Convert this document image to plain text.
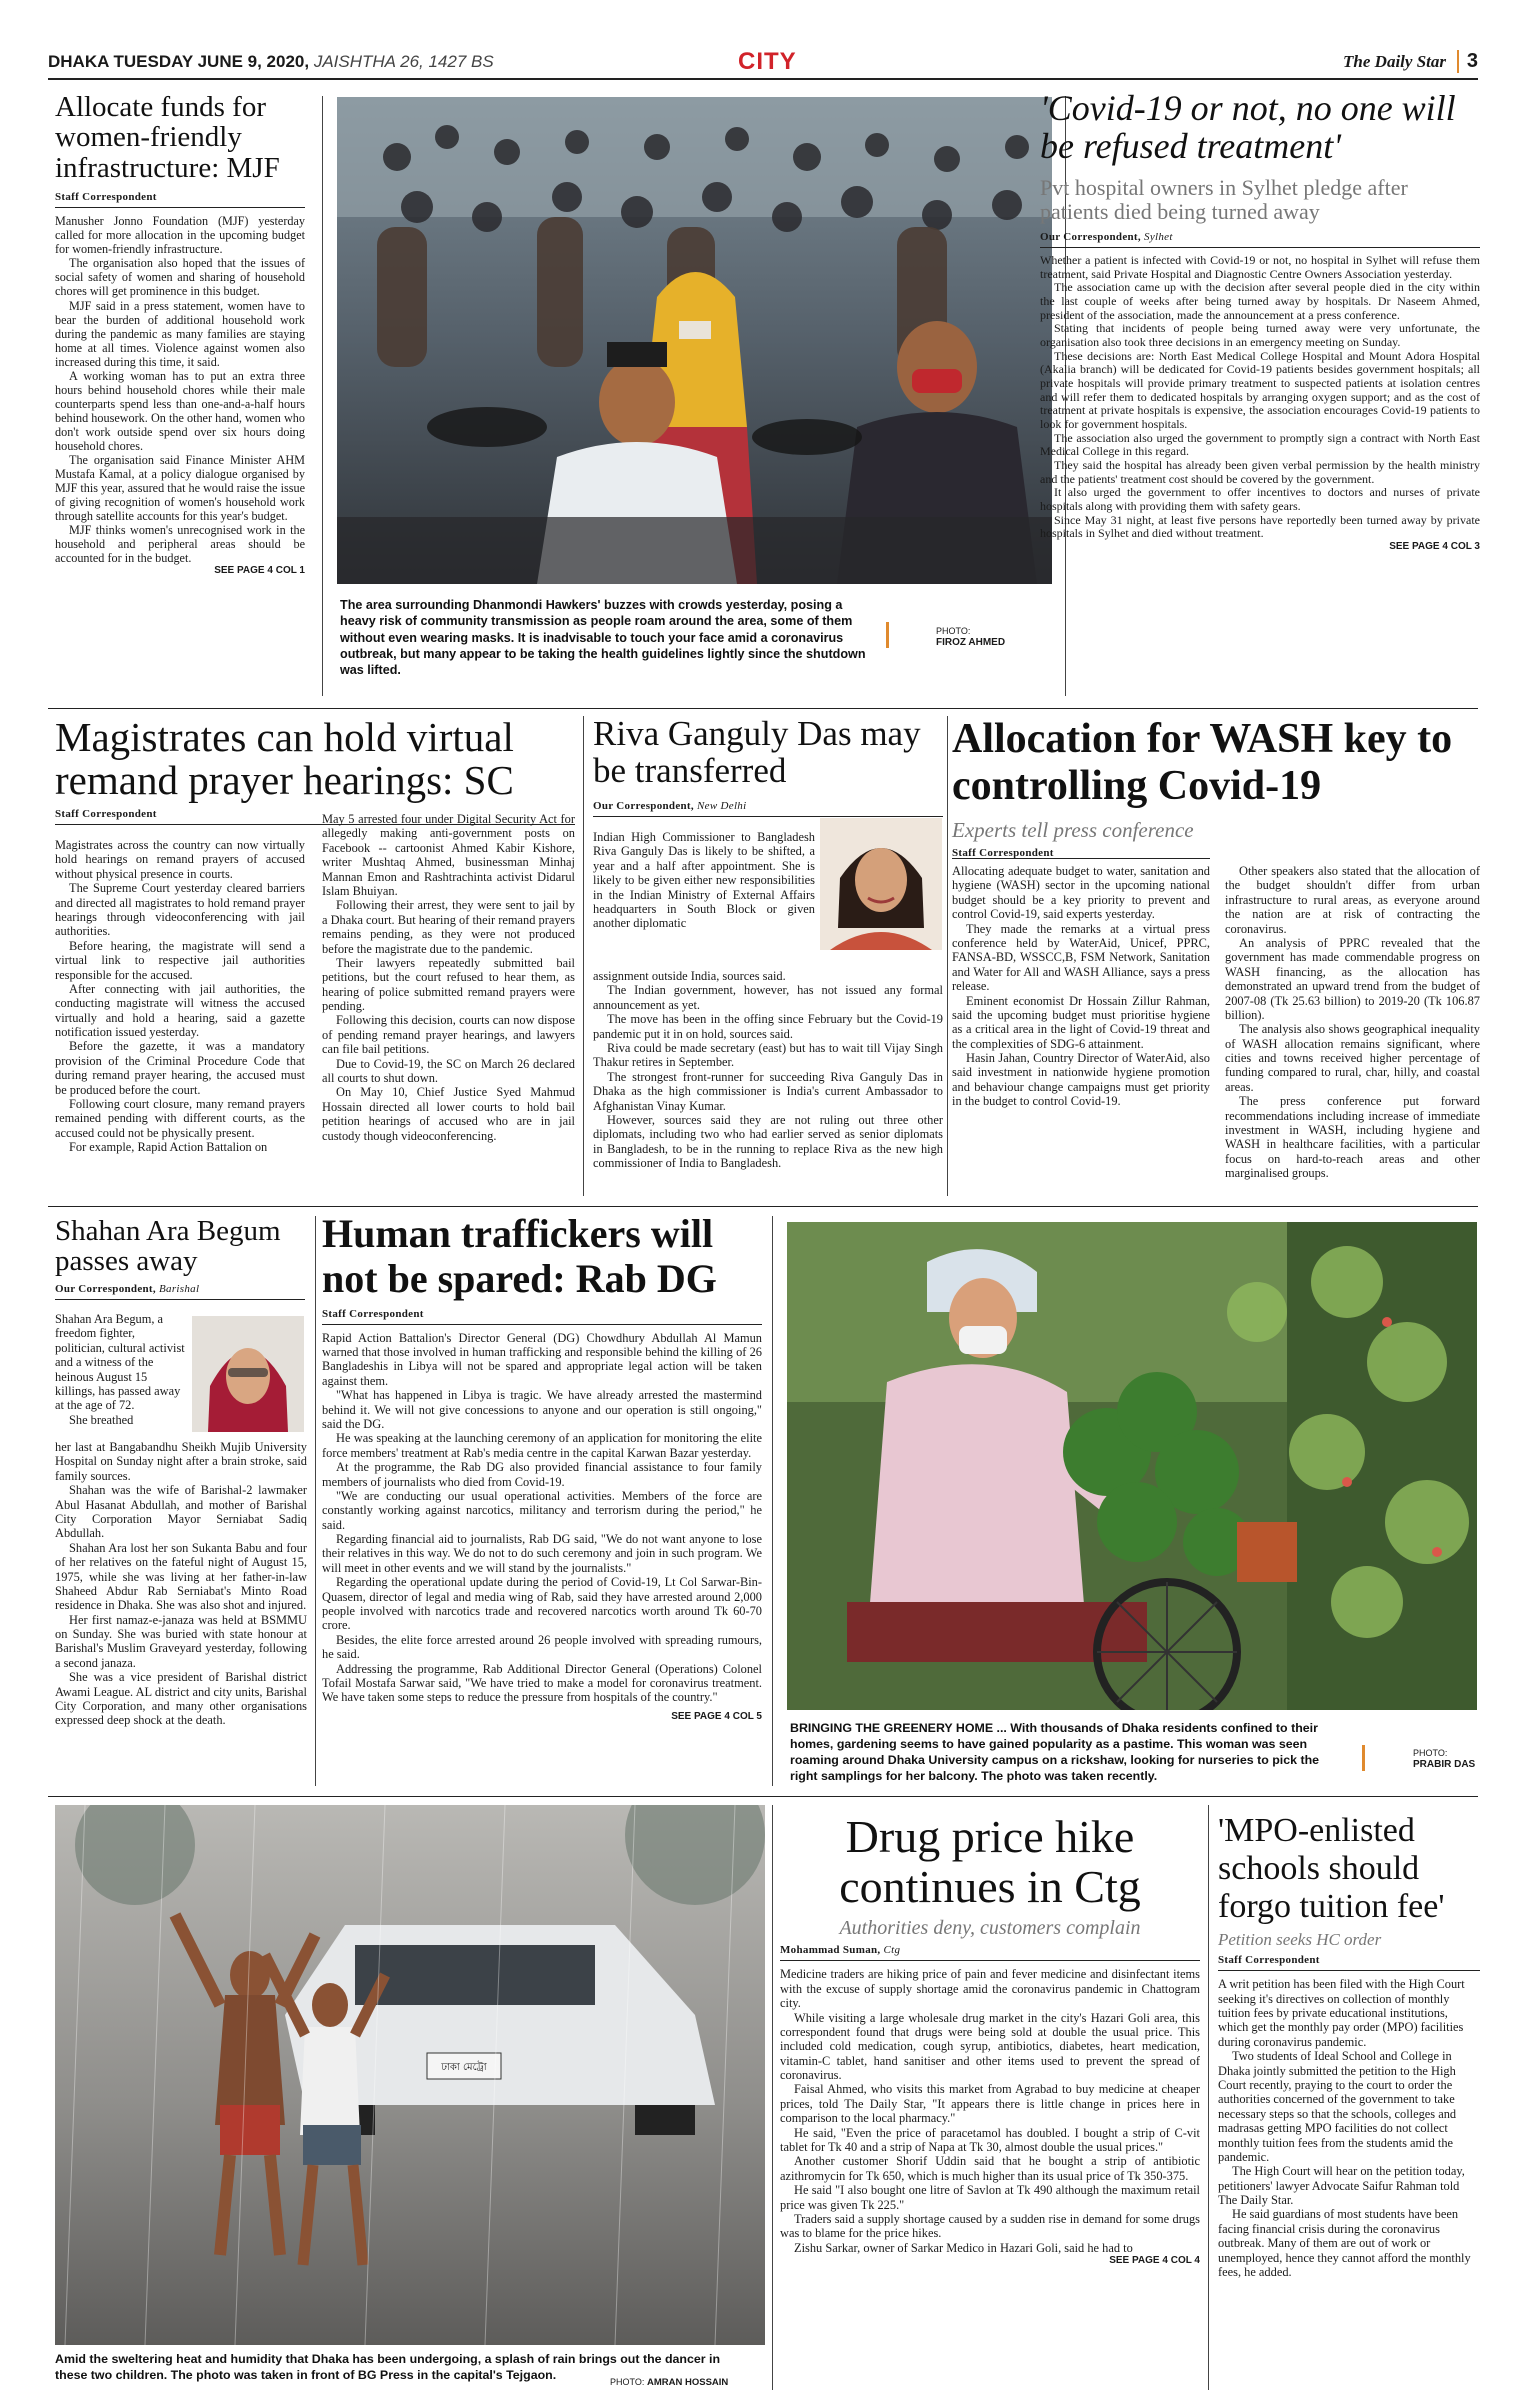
DHAKA TUESDAY JUNE 9, 2020, JAISHTHA 26, 1427 BS	CITY	The Daily Star	3
Allocate funds for women-friendly infrastructure: MJF
Staff Correspondent

Manusher Jonno Foundation (MJF) yesterday called for more allocation in the upcoming budget for women-friendly infrastructure.

The organisation also hoped that the issues of social safety of women and sharing of household chores will get prominence in this budget.

MJF said in a press statement, women have to bear the burden of additional household work during the pandemic as many families are staying home at all times. Violence against women also increased during this time, it said.

A working woman has to put an extra three hours behind household chores while their male counterparts spend less than one-and-a-half hours behind housework. On the other hand, women who don't work outside spend over six hours doing household chores.

The organisation said Finance Minister AHM Mustafa Kamal, at a policy dialogue organised by MJF this year, assured that he would raise the issue of giving recognition of women's household work through satellite accounts for this year's budget.

MJF thinks women's unrecognised work in the household and peripheral areas should be accounted for in the budget.

SEE PAGE 4 COL 1
The area surrounding Dhanmondi Hawkers' buzzes with crowds yesterday, posing a heavy risk of community transmission as people roam around the area, some of them without even wearing masks. It is inadvisable to touch your face amid a coronavirus outbreak, but many appear to be taking the health guidelines lightly since the shutdown was lifted.
PHOTO:
FIROZ AHMED
'Covid-19 or not, no one will be refused treatment'
Pvt hospital owners in Sylhet pledge after patients died being turned away
Our Correspondent, Sylhet

Whether a patient is infected with Covid-19 or not, no hospital in Sylhet will refuse them treatment, said Private Hospital and Diagnostic Centre Owners Association yesterday.

The association came up with the decision after several people died in the city within the last couple of weeks after being turned away by hospitals. Dr Naseem Ahmed, president of the association, made the announcement at a press conference.

Stating that incidents of people being turned away were very unfortunate, the organisation also took three decisions in an emergency meeting on Sunday.

These decisions are: North East Medical College Hospital and Mount Adora Hospital (Akalia branch) will be dedicated for Covid-19 patients besides government hospitals; all private hospitals will provide primary treatment to suspected patients at isolation centres and will refer them to dedicated hospitals by arranging oxygen support; and as the cost of treatment at private hospitals is expensive, the association encourages Covid-19 patients to look for government hospitals.

The association also urged the government to promptly sign a contract with North East Medical College in this regard.

They said the hospital has already been given verbal permission by the health ministry and the patients' treatment cost should be covered by the government.

It also urged the government to offer incentives to doctors and nurses of private hospitals along with providing them with safety gears.

Since May 31 night, at least five persons have reportedly been turned away by private hospitals in Sylhet and died without treatment.

SEE PAGE 4 COL 3
Magistrates can hold virtual remand prayer hearings: SC
Staff Correspondent

Magistrates across the country can now virtually hold hearings on remand prayers of accused without physical presence in courts.

The Supreme Court yesterday cleared barriers and directed all magistrates to hold remand prayer hearings through videoconferencing with jail authorities.

Before hearing, the magistrate will send a virtual link to respective jail authorities responsible for the accused.

After connecting with jail authorities, the conducting magistrate will witness the accused virtually and hold a hearing, said a gazette notification issued yesterday.

Before the gazette, it was a mandatory provision of the Criminal Procedure Code that during remand prayer hearing, the accused must be produced before the court.

Following court closure, many remand prayers remained pending with different courts, as the accused could not be physically present.

For example, Rapid Action Battalion on

May 5 arrested four under Digital Security Act for allegedly making anti-government posts on Facebook -- cartoonist Ahmed Kabir Kishore, writer Mushtaq Ahmed, businessman Minhaj Mannan Emon and Rashtrachinta activist Didarul Islam Bhuiyan.

Following their arrest, they were sent to jail by a Dhaka court. But hearing of their remand prayers remains pending, as they were not produced before the magistrate due to the pandemic.

Their lawyers repeatedly submitted bail petitions, but the court refused to hear them, as hearing of police submitted remand prayers were pending.

Following this decision, courts can now dispose of pending remand prayer hearings, and lawyers can file bail petitions.

Due to Covid-19, the SC on March 26 declared all courts to shut down.

On May 10, Chief Justice Syed Mahmud Hossain directed all lower courts to hold bail petition hearings of accused who are in jail custody though videoconferencing.

Riva Ganguly Das may be transferred
Our Correspondent, New Delhi

Indian High Commissioner to Bangladesh Riva Ganguly Das is likely to be shifted, a year and a half after appointment. She is likely to be given either new responsibilities in the Indian Ministry of External Affairs headquarters in South Block or given another diplomatic

assignment outside India, sources said.

The Indian government, however, has not issued any formal announcement as yet.

The move has been in the offing since February but the Covid-19 pandemic put it in on hold, sources said.

Riva could be made secretary (east) but has to wait till Vijay Singh Thakur retires in September.

The strongest front-runner for succeeding Riva Ganguly Das in Dhaka as the high commissioner is India's current Ambassador to Afghanistan Vinay Kumar.

However, sources said they are not ruling out three other diplomats, including two who had earlier served as senior diplomats in Bangladesh, to be in the running to replace Riva as the new high commissioner of India to Bangladesh.

Allocation for WASH key to controlling Covid-19
Experts tell press conference
Staff Correspondent

Allocating adequate budget to water, sanitation and hygiene (WASH) sector in the upcoming national budget should be a key priority to prevent and control Covid-19, said experts yesterday.

They made the remarks at a virtual press conference held by WaterAid, Unicef, PPRC, FANSA-BD, WSSCC,B, FSM Network, Sanitation and Water for All and WASH Alliance, says a press release.

Eminent economist Dr Hossain Zillur Rahman, said the upcoming budget must prioritise hygiene as a critical area in the light of Covid-19 threat and the complexities of SDG-6 attainment.

Hasin Jahan, Country Director of WaterAid, also said investment in nationwide hygiene promotion and behaviour change campaigns must get priority in the budget to control Covid-19.

Other speakers also stated that the allocation of the budget shouldn't differ from urban infrastructure to rural areas, as everyone around the nation are at risk of contracting the coronavirus.

An analysis of PPRC revealed that the government has made commendable progress on WASH financing, as the allocation has demonstrated an upward trend from the budget of 2007-08 (Tk 25.63 billion) to 2019-20 (Tk 106.87 billion).

The analysis also shows geographical inequality of WASH allocation remains significant, where cities and towns received higher percentage of funding compared to rural, char, hilly, and coastal areas.

The press conference put forward recommendations including increase of immediate investment in WASH, including hygiene and WASH in healthcare facilities, with a particular focus on hard-to-reach areas and other marginalised groups.

Shahan Ara Begum passes away
Our Correspondent, Barishal

Shahan Ara Begum, a freedom fighter, politician, cultural activist and a witness of the heinous August 15 killings, has passed away at the age of 72.

She breathed

her last at Bangabandhu Sheikh Mujib University Hospital on Sunday night after a brain stroke, said family sources.

Shahan was the wife of Barishal-2 lawmaker Abul Hasanat Abdullah, and mother of Barishal City Corporation Mayor Serniabat Sadiq Abdullah.

Shahan Ara lost her son Sukanta Babu and four of her relatives on the fateful night of August 15, 1975, while she was living at her father-in-law Shaheed Abdur Rab Serniabat's Minto Road residence in Dhaka. She was also shot and injured.

Her first namaz-e-janaza was held at BSMMU on Sunday. She was buried with state honour at Barishal's Muslim Graveyard yesterday, following a second janaza.

She was a vice president of Barishal district Awami League. AL district and city units, Barishal City Corporation, and many other organisations expressed deep shock at the death.

Human traffickers will not be spared: Rab DG
Staff Correspondent

Rapid Action Battalion's Director General (DG) Chowdhury Abdullah Al Mamun warned that those involved in human trafficking and responsible behind the killing of 26 Bangladeshis in Libya will not be spared and appropriate legal action will be taken against them.

"What has happened in Libya is tragic. We have already arrested the mastermind behind it. We will not give concessions to anyone and our operation is still ongoing," said the DG.

He was speaking at the launching ceremony of an application for monitoring the elite force members' treatment at Rab's media centre in the capital Karwan Bazar yesterday.

At the programme, the Rab DG also provided financial assistance to four family members of journalists who died from Covid-19.

"We are conducting our usual operational activities. Members of the force are constantly working against narcotics, militancy and terrorism during the period," he said.

Regarding financial aid to journalists, Rab DG said, "We do not want anyone to lose their relatives in this way. We do not to do such ceremony and join in such program. We will meet in other events and we will stand by the journalists."

Regarding the operational update during the period of Covid-19, Lt Col Sarwar-Bin-Quasem, director of legal and media wing of Rab, said they have arrested around 2,000 people involved with narcotics trade and recovered narcotics worth around Tk 60-70 crore.

Besides, the elite force arrested around 26 people involved with spreading rumours, he said.

Addressing the programme, Rab Additional Director General (Operations) Colonel Tofail Mostafa Sarwar said, "We have tried to make a model for coronavirus treatment. We have taken some steps to reduce the pressure from hospitals of the country."

SEE PAGE 4 COL 5
BRINGING THE GREENERY HOME ... With thousands of Dhaka residents confined to their homes, gardening seems to have gained popularity as a pastime. This woman was seen roaming around Dhaka University campus on a rickshaw, looking for nurseries to pick the right samplings for her balcony. The photo was taken recently.
PHOTO:
PRABIR DAS
ঢাকা মেট্রো
Amid the sweltering heat and humidity that Dhaka has been undergoing, a splash of rain brings out the dancer in these two children. The photo was taken in front of BG Press in the capital's Tejgaon.
PHOTO: AMRAN HOSSAIN
Drug price hike continues in Ctg
Authorities deny, customers complain
Mohammad Suman, Ctg

Medicine traders are hiking price of pain and fever medicine and disinfectant items with the excuse of supply shortage amid the coronavirus pandemic in Chattogram city.

While visiting a large wholesale drug market in the city's Hazari Goli area, this correspondent found that drugs were being sold at double the usual price. This included cold medication, cough syrup, antibiotics, diabetes, heart medication, vitamin-C tablet, hand sanitiser and other items used to prevent the spread of coronavirus.

Faisal Ahmed, who visits this market from Agrabad to buy medicine at cheaper prices, told The Daily Star, "It appears there is little change in prices here in comparison to the local pharmacy."

He said, "Even the price of paracetamol has doubled. I bought a strip of C-vit tablet for Tk 40 and a strip of Napa at Tk 30, almost double the usual prices."

Another customer Shorif Uddin said that he bought a strip of antibiotic azithromycin for Tk 650, which is much higher than its usual price of Tk 350-375.

He said "I also bought one litre of Savlon at Tk 490 although the maximum retail price was given Tk 225."

Traders said a supply shortage caused by a sudden rise in demand for some drugs was to blame for the price hikes.

Zishu Sarkar, owner of Sarkar Medico in Hazari Goli, said he had to

SEE PAGE 4 COL 4
'MPO-enlisted schools should forgo tuition fee'
Petition seeks HC order
Staff Correspondent

A writ petition has been filed with the High Court seeking it's directives on collection of monthly tuition fees by private educational institutions, which get the monthly pay order (MPO) facilities during coronavirus pandemic.

Two students of Ideal School and College in Dhaka jointly submitted the petition to the High Court recently, praying to the court to order the authorities concerned of the government to take necessary steps so that the schools, colleges and madrasas getting MPO facilities do not collect monthly tuition fees from the students amid the pandemic.

The High Court will hear on the petition today, petitioners' lawyer Advocate Saifur Rahman told The Daily Star.

He said guardians of most students have been facing financial crisis during the coronavirus outbreak. Many of them are out of work or unemployed, hence they cannot afford the monthly fees, he added.
